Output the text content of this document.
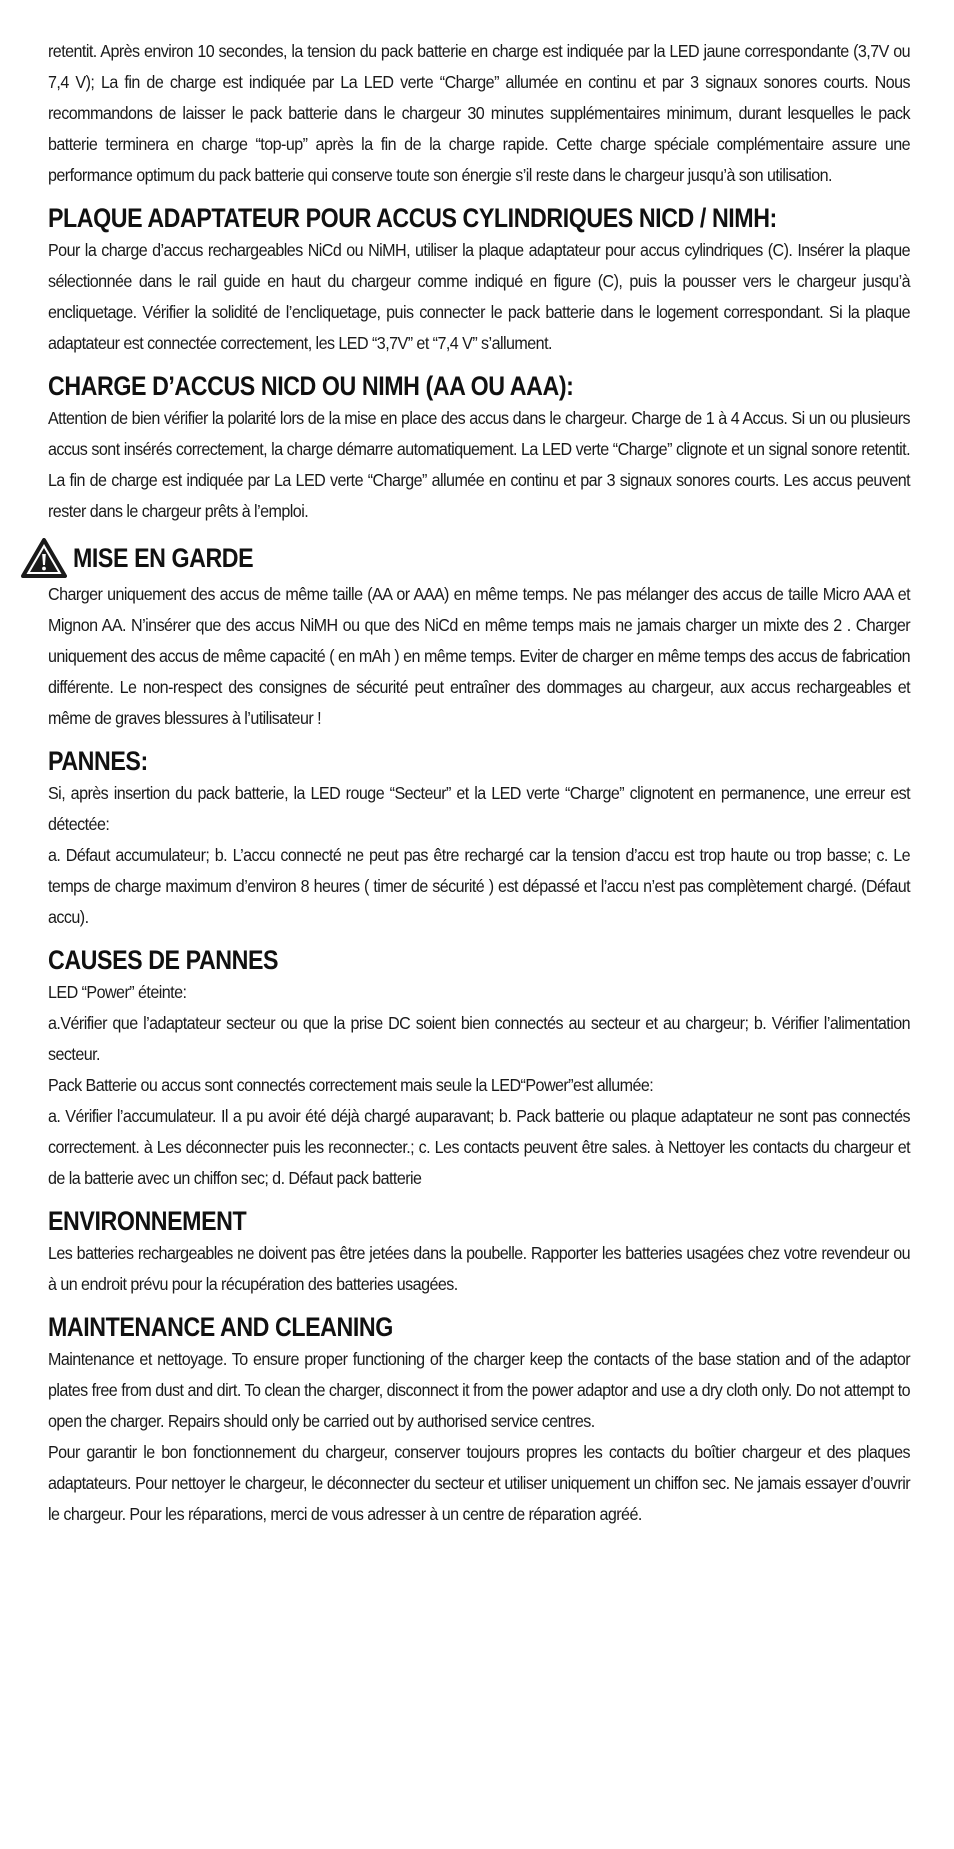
retentit. Après environ 10 secondes, la tension du pack batterie en charge est indiquée par la LED jaune correspondante (3,7V ou 7,4 V); La fin de charge est indiquée par La LED verte “Charge” allumée en continu et par 3 signaux sonores courts. Nous recommandons de laisser le pack batterie dans le chargeur 30 minutes supplémentaires minimum, durant lesquelles le pack batterie terminera en charge “top-up” après la fin de la charge rapide. Cette charge spéciale complémentaire assure une performance optimum du pack batterie qui conserve toute son énergie s’il reste dans le chargeur jusqu’à son utilisation.

PLAQUE ADAPTATEUR POUR ACCUS CYLINDRIQUES NICD / NIMH:

Pour la charge d’accus rechargeables NiCd ou NiMH, utiliser la plaque adaptateur pour accus cylindriques (C). Insérer la plaque sélectionnée dans le rail guide en haut du chargeur comme indiqué en figure (C), puis la pousser vers le chargeur jusqu’à encliquetage. Vérifier la solidité de l’encliquetage, puis connecter le pack batterie dans le logement correspondant. Si la plaque adaptateur est connectée correctement, les LED “3,7V” et “7,4 V” s’allument.

CHARGE D’ACCUS NICD OU NIMH (AA OU AAA):

Attention de bien vérifier la polarité lors de la mise en place des accus dans le chargeur. Charge de 1 à 4 Accus. Si un ou plusieurs accus sont insérés correctement, la charge démarre automatiquement. La LED verte “Charge” clignote et un signal sonore retentit. La fin de charge est indiquée par La LED verte “Charge” allumée en continu et par 3 signaux sonores courts. Les accus peuvent rester dans le chargeur prêts à l’emploi.

MISE EN GARDE

Charger uniquement des accus de même taille (AA or AAA) en même temps. Ne pas mélanger des accus de taille Micro AAA et Mignon AA. N’insérer que des accus NiMH ou que des NiCd en même temps mais ne jamais charger un mixte des 2 . Charger uniquement des accus de même capacité ( en mAh ) en même temps. Eviter de charger en même temps des accus de fabrication différente. Le non-respect des consignes de sécurité peut entraîner des dommages au chargeur, aux accus rechargeables et même de graves blessures à l’utilisateur !

PANNES:

Si, après insertion du pack batterie, la LED rouge “Secteur” et la LED verte “Charge” clignotent en permanence, une erreur est détectée:

a. Défaut accumulateur; b. L’accu connecté ne peut pas être rechargé car la tension d’accu est trop haute ou trop basse; c. Le temps de charge maximum d’environ 8 heures ( timer de sécurité ) est dépassé et l’accu n’est pas complètement chargé. (Défaut accu).

CAUSES DE PANNES

LED “Power” éteinte:

a.Vérifier que l’adaptateur secteur ou que la prise DC soient bien connectés au secteur et au chargeur; b. Vérifier l’alimentation secteur.

Pack Batterie ou accus sont connectés correctement mais seule la LED“Power”est allumée:

a. Vérifier l’accumulateur. Il a pu avoir été déjà chargé auparavant; b. Pack batterie ou plaque adaptateur ne sont pas connectés correctement. à Les déconnecter puis les reconnecter.; c. Les contacts peuvent être sales. à Nettoyer les contacts du chargeur et de la batterie avec un chiffon sec; d. Défaut pack batterie

ENVIRONNEMENT

Les batteries rechargeables ne doivent pas être jetées dans la poubelle. Rapporter les batteries usagées chez votre revendeur ou à un endroit prévu pour la récupération des batteries usagées.

MAINTENANCE AND CLEANING

Maintenance et nettoyage. To ensure proper functioning of the charger keep the contacts of the base station and of the adaptor plates free from dust and dirt. To clean the charger, disconnect it from the power adaptor and use a dry cloth only. Do not attempt to open the charger. Repairs should only be carried out by authorised service centres.

Pour garantir le bon fonctionnement du chargeur, conserver toujours propres les contacts du boîtier chargeur et des plaques adaptateurs. Pour nettoyer le chargeur, le déconnecter du secteur et utiliser uniquement un chiffon sec. Ne jamais essayer d’ouvrir le chargeur. Pour les réparations, merci de vous adresser à un centre de réparation agréé.
